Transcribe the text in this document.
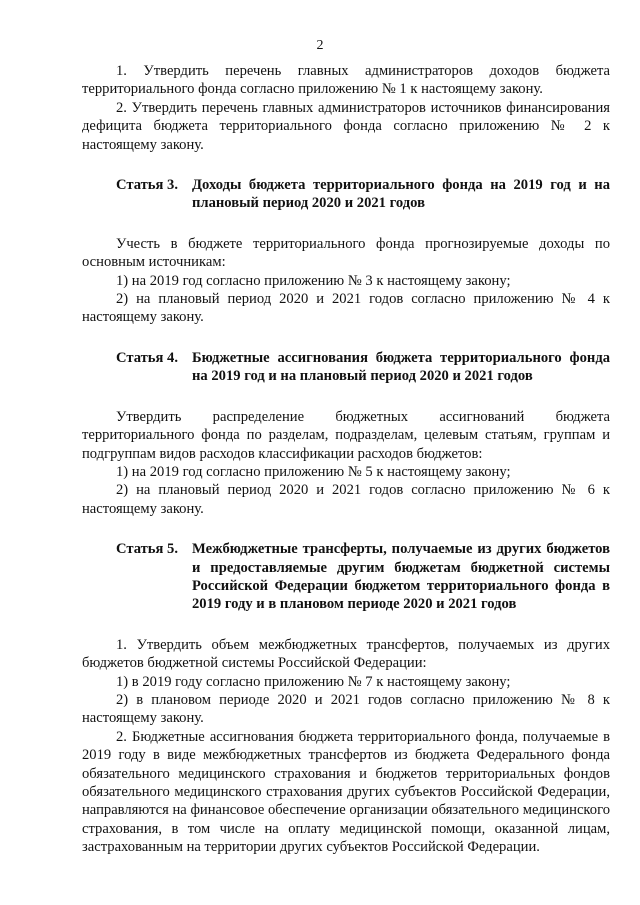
2

1. Утвердить перечень главных администраторов доходов бюджета территориального фонда согласно приложению № 1 к настоящему закону.

2. Утвердить перечень главных администраторов источников финансирования дефицита бюджета территориального фонда согласно приложению № 2 к настоящему закону.

Статья 3. Доходы бюджета территориального фонда на 2019 год и на плановый период 2020 и 2021 годов

Учесть в бюджете территориального фонда прогнозируемые доходы по основным источникам:

1) на 2019 год согласно приложению № 3 к настоящему закону;

2) на плановый период 2020 и 2021 годов согласно приложению № 4 к настоящему закону.

Статья 4. Бюджетные ассигнования бюджета территориального фонда на 2019 год и на плановый период 2020 и 2021 годов

Утвердить распределение бюджетных ассигнований бюджета территориального фонда по разделам, подразделам, целевым статьям, группам и подгруппам видов расходов классификации расходов бюджетов:

1) на 2019 год согласно приложению № 5 к настоящему закону;

2) на плановый период 2020 и 2021 годов согласно приложению № 6 к настоящему закону.

Статья 5. Межбюджетные трансферты, получаемые из других бюджетов и предоставляемые другим бюджетам бюджетной системы Российской Федерации бюджетом территориального фонда в 2019 году и в плановом периоде 2020 и 2021 годов

1. Утвердить объем межбюджетных трансфертов, получаемых из других бюджетов бюджетной системы Российской Федерации:

1) в 2019 году согласно приложению № 7 к настоящему закону;

2) в плановом периоде 2020 и 2021 годов согласно приложению № 8 к настоящему закону.

2. Бюджетные ассигнования бюджета территориального фонда, получаемые в 2019 году в виде межбюджетных трансфертов из бюджета Федерального фонда обязательного медицинского страхования и бюджетов территориальных фондов обязательного медицинского страхования других субъектов Российской Федерации, направляются на финансовое обеспечение организации обязательного медицинского страхования, в том числе на оплату медицинской помощи, оказанной лицам, застрахованным на территории других субъектов Российской Федерации.
